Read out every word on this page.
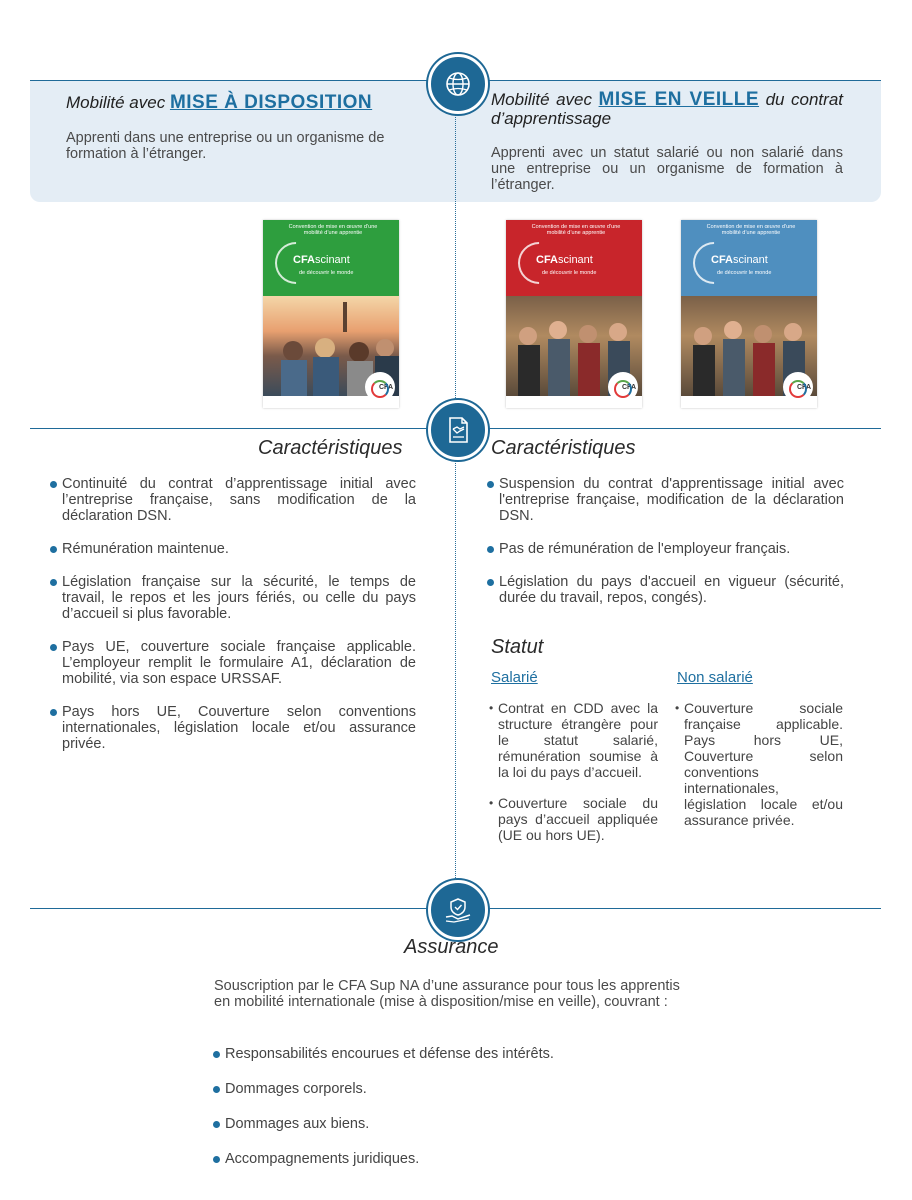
Mobilité avec MISE À DISPOSITION
Apprenti dans une entreprise ou un organisme de formation à l’étranger.
Mobilité avec MISE EN VEILLE du contrat d’apprentissage
Apprenti avec un statut salarié ou non salarié dans une entreprise ou un organisme de formation à l’étranger.
Convention de mise en œuvre d’une mobilité d’une apprentie
CFAscinant
de découvrir le monde
CFA
Convention de mise en œuvre d’une mobilité d’une apprentie
CFAscinant
de découvrir le monde
CFA
Convention de mise en œuvre d’une mobilité d’une apprentie
CFAscinant
de découvrir le monde
CFA
Caractéristiques
Continuité du contrat d’apprentissage initial avec l’entreprise française, sans modification de la déclaration DSN.
Rémunération maintenue.
Législation française sur la sécurité, le temps de travail, le repos et les jours fériés, ou celle du pays d’accueil si plus favorable.
Pays UE, couverture sociale française applicable. L’employeur remplit le formulaire A1, déclaration de mobilité, via son espace URSSAF.
Pays hors UE, Couverture selon conventions internationales, législation locale et/ou assurance privée.
Caractéristiques
Suspension du contrat d'apprentissage initial avec l'entreprise française, modification de la déclaration DSN.
Pas de rémunération de l'employeur français.
Législation du pays d'accueil en vigueur (sécurité, durée du travail, repos, congés).
Statut
Salarié	Non salarié
• Contrat en CDD avec la structure étrangère pour le statut salarié, rémunération soumise à la loi du pays d’accueil.
• Couverture sociale du pays d’accueil appliquée (UE ou hors UE).
• Couverture sociale française applicable. Pays hors UE, Couverture selon conventions internationales, législation locale et/ou assurance privée.
Assurance
Souscription par le CFA Sup NA d’une assurance pour tous les apprentis en mobilité internationale (mise à disposition/mise en veille), couvrant :
Responsabilités encourues et défense des intérêts.
Dommages corporels.
Dommages aux biens.
Accompagnements juridiques.
